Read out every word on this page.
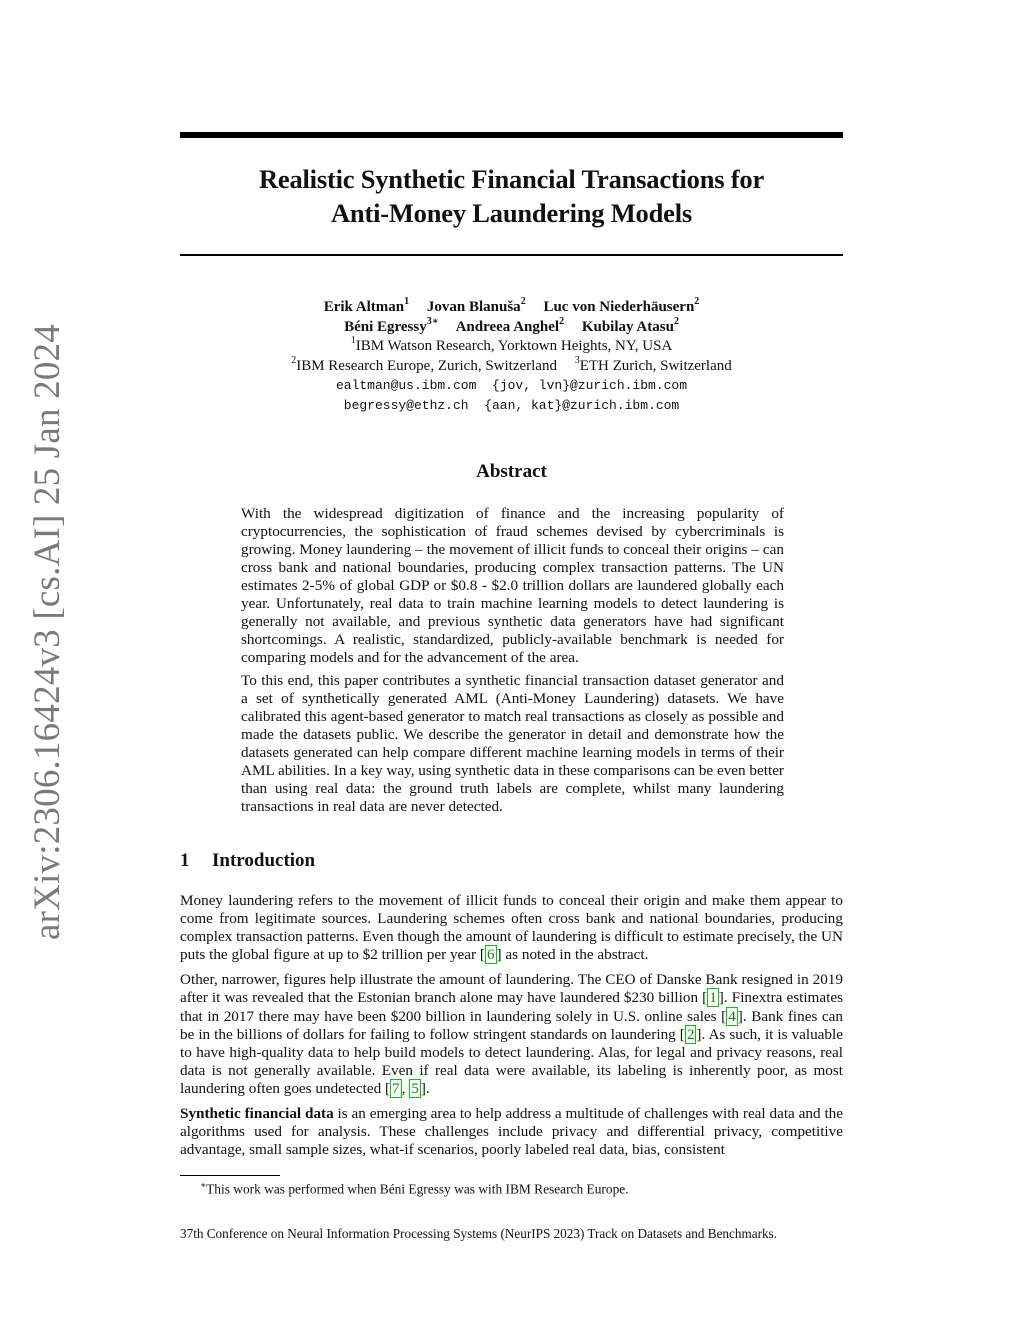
arXiv:2306.16424v3 [cs.AI] 25 Jan 2024
Realistic Synthetic Financial Transactions for
Anti-Money Laundering Models
Erik Altman$^1$ Jovan Blanuša$^2$ Luc von Niederhäusern$^2$
Béni Egressy$^{3∗}$ Andreea Anghel$^2$ Kubilay Atasu$^2$
$^1$IBM Watson Research, Yorktown Heights, NY, USA
$^2$IBM Research Europe, Zurich, Switzerland $^3$ETH Zurich, Switzerland
ealtman@us.ibm.com  {jov, lvn}@zurich.ibm.com
begressy@ethz.ch  {aan, kat}@zurich.ibm.com
Abstract

With the widespread digitization of finance and the increasing popularity of cryptocurrencies, the sophistication of fraud schemes devised by cybercriminals is growing. Money laundering – the movement of illicit funds to conceal their origins – can cross bank and national boundaries, producing complex transaction patterns. The UN estimates 2-5% of global GDP or $0.8 - $2.0 trillion dollars are laundered globally each year. Unfortunately, real data to train machine learning models to detect laundering is generally not available, and previous synthetic data generators have had significant shortcomings. A realistic, standardized, publicly-available benchmark is needed for comparing models and for the advancement of the area.

To this end, this paper contributes a synthetic financial transaction dataset generator and a set of synthetically generated AML (Anti-Money Laundering) datasets. We have calibrated this agent-based generator to match real transactions as closely as possible and made the datasets public. We describe the generator in detail and demonstrate how the datasets generated can help compare different machine learning models in terms of their AML abilities. In a key way, using synthetic data in these comparisons can be even better than using real data: the ground truth labels are complete, whilst many laundering transactions in real data are never detected.

1 Introduction

Money laundering refers to the movement of illicit funds to conceal their origin and make them appear to come from legitimate sources. Laundering schemes often cross bank and national boundaries, producing complex transaction patterns. Even though the amount of laundering is difficult to estimate precisely, the UN puts the global figure at up to $2 trillion per year [ 6 ] as noted in the abstract.

Other, narrower, figures help illustrate the amount of laundering. The CEO of Danske Bank resigned in 2019 after it was revealed that the Estonian branch alone may have laundered $230 billion [ 1 ]. Finextra estimates that in 2017 there may have been $200 billion in laundering solely in U.S. online sales [ 4 ]. Bank fines can be in the billions of dollars for failing to follow stringent standards on laundering [ 2 ]. As such, it is valuable to have high-quality data to help build models to detect laundering. Alas, for legal and privacy reasons, real data is not generally available. Even if real data were available, its labeling is inherently poor, as most laundering often goes undetected [ 7 , 5 ].

Synthetic financial data is an emerging area to help address a multitude of challenges with real data and the algorithms used for analysis. These challenges include privacy and differential privacy, competitive advantage, small sample sizes, what-if scenarios, poorly labeled real data, bias, consistent

∗This work was performed when Béni Egressy was with IBM Research Europe.
37th Conference on Neural Information Processing Systems (NeurIPS 2023) Track on Datasets and Benchmarks.
